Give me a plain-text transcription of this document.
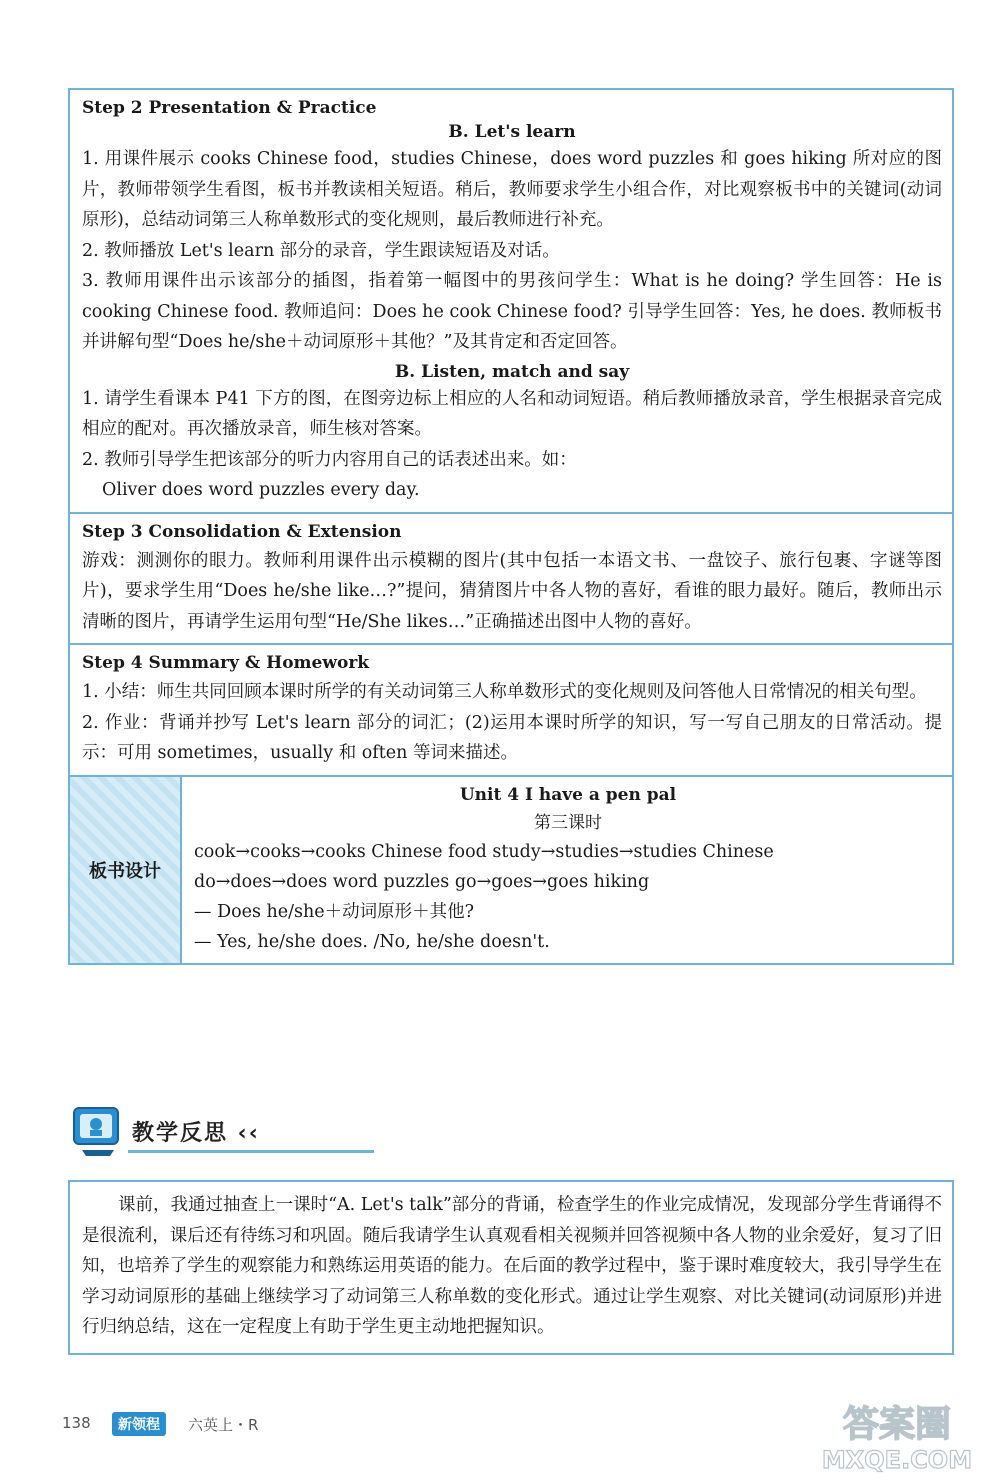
Step 2 Presentation & Practice
B. Let's learn
1. 用课件展示 cooks Chinese food，studies Chinese，does word puzzles 和 goes hiking 所对应的图片，教师带领学生看图，板书并教读相关短语。稍后，教师要求学生小组合作，对比观察板书中的关键词(动词原形)，总结动词第三人称单数形式的变化规则，最后教师进行补充。
2. 教师播放 Let's learn 部分的录音，学生跟读短语及对话。
3. 教师用课件出示该部分的插图，指着第一幅图中的男孩问学生：What is he doing? 学生回答：He is cooking Chinese food. 教师追问：Does he cook Chinese food? 引导学生回答：Yes, he does. 教师板书并讲解句型“Does he/she＋动词原形＋其他？”及其肯定和否定回答。
B. Listen, match and say
1. 请学生看课本 P41 下方的图，在图旁边标上相应的人名和动词短语。稍后教师播放录音，学生根据录音完成相应的配对。再次播放录音，师生核对答案。
2. 教师引导学生把该部分的听力内容用自己的话表述出来。如：
Oliver does word puzzles every day.
Step 3 Consolidation & Extension
游戏：测测你的眼力。教师利用课件出示模糊的图片(其中包括一本语文书、一盘饺子、旅行包裹、字谜等图片)，要求学生用“Does he/she like…?”提问，猜猜图片中各人物的喜好，看谁的眼力最好。随后，教师出示清晰的图片，再请学生运用句型“He/She likes…”正确描述出图中人物的喜好。
Step 4 Summary & Homework
1. 小结：师生共同回顾本课时所学的有关动词第三人称单数形式的变化规则及问答他人日常情况的相关句型。
2. 作业：背诵并抄写 Let's learn 部分的词汇；(2)运用本课时所学的知识，写一写自己朋友的日常活动。提示：可用 sometimes，usually 和 often 等词来描述。
板书设计
Unit 4 I have a pen pal
第三课时
cook→cooks→cooks Chinese food study→studies→studies Chinese
do→does→does word puzzles go→goes→goes hiking
— Does he/she＋动词原形＋其他?
— Yes, he/she does. /No, he/she doesn't.
教学反思 ‹‹
课前，我通过抽查上一课时“A. Let's talk”部分的背诵，检查学生的作业完成情况，发现部分学生背诵得不是很流利，课后还有待练习和巩固。随后我请学生认真观看相关视频并回答视频中各人物的业余爱好，复习了旧知，也培养了学生的观察能力和熟练运用英语的能力。在后面的教学过程中，鉴于课时难度较大，我引导学生在学习动词原形的基础上继续学习了动词第三人称单数的变化形式。通过让学生观察、对比关键词(动词原形)并进行归纳总结，这在一定程度上有助于学生更主动地把握知识。
138	新领程	六英上・R	答案圈
MXQE.COM
